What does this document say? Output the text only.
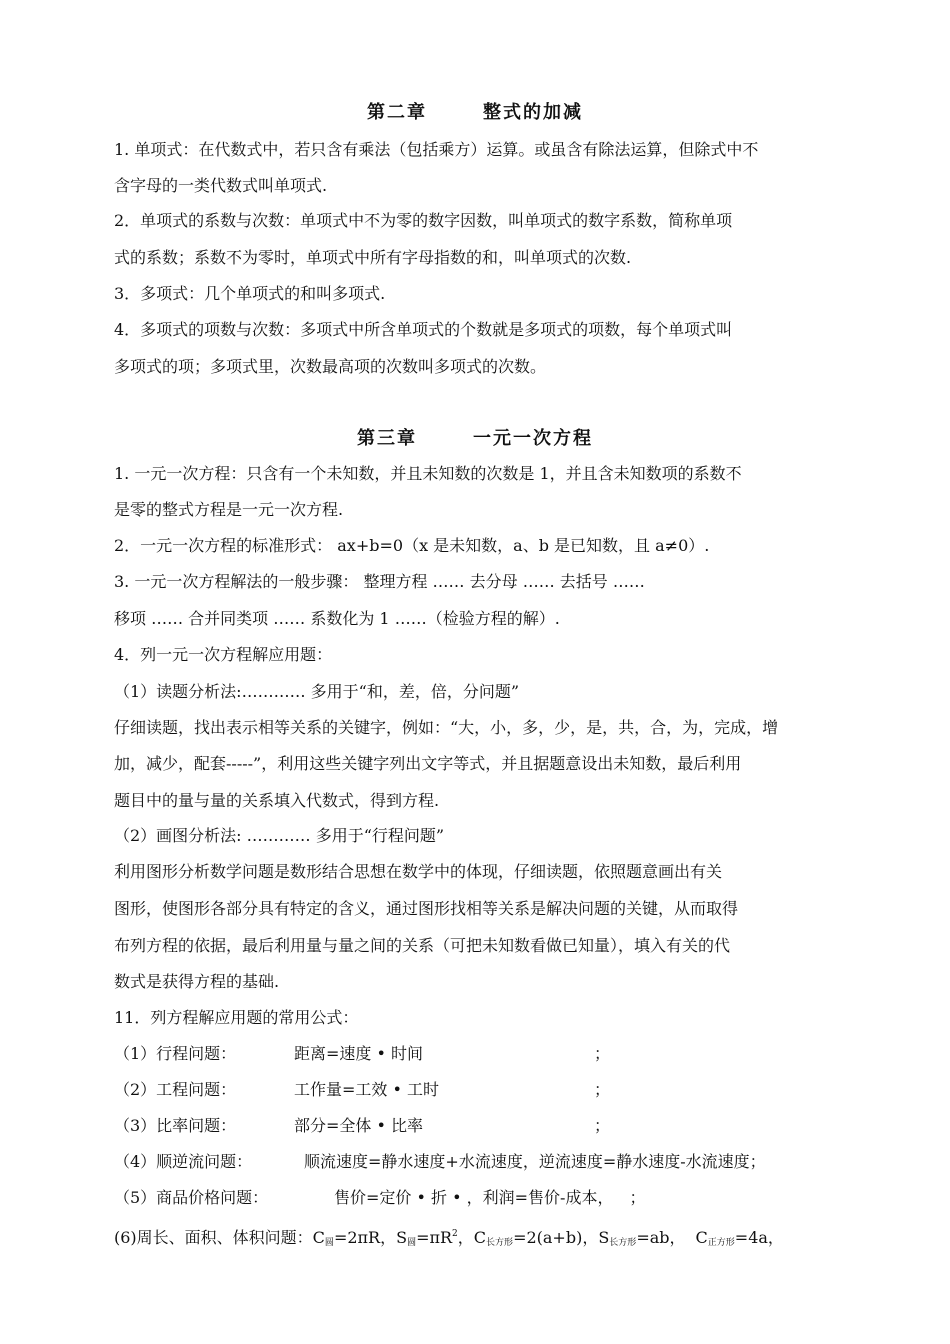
第二章	整式的加减
1. 单项式：在代数式中，若只含有乘法（包括乘方）运算。或虽含有除法运算，但除式中不
含字母的一类代数式叫单项式.
2．单项式的系数与次数：单项式中不为零的数字因数，叫单项式的数字系数，简称单项
式的系数；系数不为零时，单项式中所有字母指数的和，叫单项式的次数.
3．多项式：几个单项式的和叫多项式.
4．多项式的项数与次数：多项式中所含单项式的个数就是多项式的项数，每个单项式叫
多项式的项；多项式里，次数最高项的次数叫多项式的次数。
第三章	一元一次方程
1. 一元一次方程：只含有一个未知数，并且未知数的次数是 1，并且含未知数项的系数不
是零的整式方程是一元一次方程.
2．一元一次方程的标准形式： ax+b=0（x 是未知数，a、b 是已知数，且 a≠0）.
3. 一元一次方程解法的一般步骤： 整理方程 …… 去分母 …… 去括号 ……
移项 …… 合并同类项 …… 系数化为 1 ……（检验方程的解）.
4．列一元一次方程解应用题：
（1）读题分析法:………… 多用于“和，差，倍，分问题”
仔细读题，找出表示相等关系的关键字，例如：“大，小，多，少，是，共，合，为，完成，增
加，减少，配套-----”，利用这些关键字列出文字等式，并且据题意设出未知数，最后利用
题目中的量与量的关系填入代数式，得到方程.
（2）画图分析法: ………… 多用于“行程问题”
利用图形分析数学问题是数形结合思想在数学中的体现，仔细读题，依照题意画出有关
图形，使图形各部分具有特定的含义，通过图形找相等关系是解决问题的关键，从而取得
布列方程的依据，最后利用量与量之间的关系（可把未知数看做已知量），填入有关的代
数式是获得方程的基础.
11．列方程解应用题的常用公式：
（1）行程问题：	距离=速度 • 时间	；
（2）工程问题：	工作量=工效 • 工时	；
（3）比率问题：	部分=全体 • 比率	；
（4）顺逆流问题：	顺流速度=静水速度+水流速度，逆流速度=静水速度-水流速度；
（5）商品价格问题：	售价=定价 • 折 • ，利润=售价-成本， ；
(6)周长、面积、体积问题：$C_圆=2\pi R$，$S_圆=\pi R^2$，$C_{长方形}=2(a+b)$，$S_{长方形}=ab$， $C_{正方形}=4a$，
